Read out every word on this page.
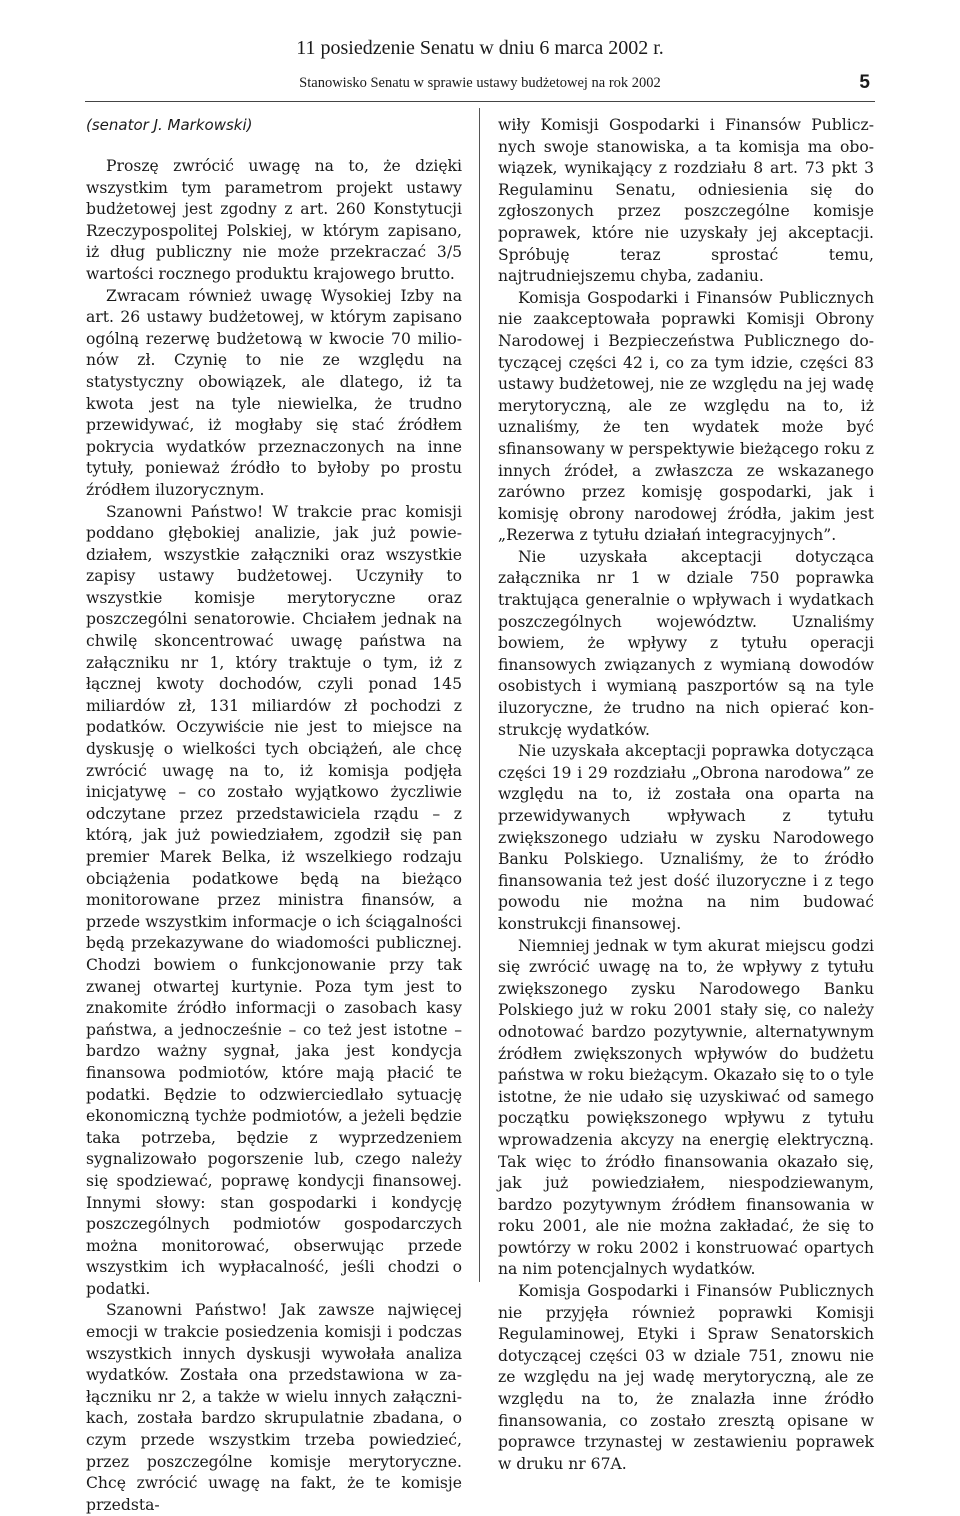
11 posiedzenie Senatu w dniu 6 marca 2002 r.
Stanowisko Senatu w sprawie ustawy budżetowej na rok 2002	5

(senator J. Markowski)

Proszę zwrócić uwagę na to, że dzięki wszystkim tym parametrom projekt ustawy budżetowej jest zgodny z art. 260 Konstytucji Rzeczypospolitej Polskiej, w którym zapisano, iż dług publiczny nie może przekraczać 3/5 wartości rocznego produktu krajowego brutto.

Zwracam również uwagę Wysokiej Izby na art. 26 ustawy budżetowej, w którym zapisano ogólną rezerwę budżetową w kwocie 70 milionów zł. Czynię to nie ze względu na statystyczny obowiązek, ale dlatego, iż ta kwota jest na tyle niewielka, że trudno przewidywać, iż mogłaby się stać źródłem pokrycia wydatków przeznaczonych na inne tytuły, ponieważ źródło to byłoby po prostu źródłem iluzorycznym.

Szanowni Państwo! W trakcie prac komisji poddano głębokiej analizie, jak już powiedziałem, wszystkie załączniki oraz wszystkie zapisy ustawy budżetowej. Uczyniły to wszystkie komisje merytoryczne oraz poszczególni senatorowie. Chciałem jednak na chwilę skoncentrować uwagę państwa na załączniku nr 1, który traktuje o tym, iż z łącznej kwoty dochodów, czyli ponad 145 miliardów zł, 131 miliardów zł pochodzi z podatków. Oczywiście nie jest to miejsce na dyskusję o wielkości tych obciążeń, ale chcę zwrócić uwagę na to, iż komisja podjęła inicjatywę – co zostało wyjątkowo życzliwie odczytane przez przedstawiciela rządu – z którą, jak już powiedziałem, zgodził się pan premier Marek Belka, iż wszelkiego rodzaju obciążenia podatkowe będą na bieżąco monitorowane przez ministra finansów, a przede wszystkim informacje o ich ściągalności będą przekazywane do wiadomości publicznej. Chodzi bowiem o funkcjonowanie przy tak zwanej otwartej kurtynie. Poza tym jest to znakomite źródło informacji o zasobach kasy państwa, a jednocześnie – co też jest istotne – bardzo ważny sygnał, jaka jest kondycja finansowa podmiotów, które mają płacić te podatki. Będzie to odzwierciedlało sytuację ekonomiczną tychże podmiotów, a jeżeli będzie taka potrzeba, będzie z wyprzedzeniem sygnalizowało pogorszenie lub, czego należy się spodziewać, poprawę kondycji finansowej. Innymi słowy: stan gospodarki i kondycję poszczególnych podmiotów gospodarczych można monitorować, obserwując przede wszystkim ich wypłacalność, jeśli chodzi o podatki.

Szanowni Państwo! Jak zawsze najwięcej emocji w trakcie posiedzenia komisji i podczas wszystkich innych dyskusji wywołała analiza wydatków. Została ona przedstawiona w załączniku nr 2, a także w wielu innych załącznikach, została bardzo skrupulatnie zbadana, o czym przede wszystkim trzeba powiedzieć, przez poszczególne komisje merytoryczne. Chcę zwrócić uwagę na fakt, że te komisje przedsta-

wiły Komisji Gospodarki i Finansów Publicznych swoje stanowiska, a ta komisja ma obowiązek, wynikający z rozdziału 8 art. 73 pkt 3 Regulaminu Senatu, odniesienia się do zgłoszonych przez poszczególne komisje poprawek, które nie uzyskały jej akceptacji. Spróbuję teraz sprostać temu, najtrudniejszemu chyba, zadaniu.

Komisja Gospodarki i Finansów Publicznych nie zaakceptowała poprawki Komisji Obrony Narodowej i Bezpieczeństwa Publicznego dotyczącej części 42 i, co za tym idzie, części 83 ustawy budżetowej, nie ze względu na jej wadę merytoryczną, ale ze względu na to, iż uznaliśmy, że ten wydatek może być sfinansowany w perspektywie bieżącego roku z innych źródeł, a zwłaszcza ze wskazanego zarówno przez komisję gospodarki, jak i komisję obrony narodowej źródła, jakim jest „Rezerwa z tytułu działań integracyjnych”.

Nie uzyskała akceptacji dotycząca załącznika nr 1 w dziale 750 poprawka traktująca generalnie o wpływach i wydatkach poszczególnych województw. Uznaliśmy bowiem, że wpływy z tytułu operacji finansowych związanych z wymianą dowodów osobistych i wymianą paszportów są na tyle iluzoryczne, że trudno na nich opierać konstrukcję wydatków.

Nie uzyskała akceptacji poprawka dotycząca części 19 i 29 rozdziału „Obrona narodowa” ze względu na to, iż została ona oparta na przewidywanych wpływach z tytułu zwiększonego udziału w zysku Narodowego Banku Polskiego. Uznaliśmy, że to źródło finansowania też jest dość iluzoryczne i z tego powodu nie można na nim budować konstrukcji finansowej.

Niemniej jednak w tym akurat miejscu godzi się zwrócić uwagę na to, że wpływy z tytułu zwiększonego zysku Narodowego Banku Polskiego już w roku 2001 stały się, co należy odnotować bardzo pozytywnie, alternatywnym źródłem zwiększonych wpływów do budżetu państwa w roku bieżącym. Okazało się to o tyle istotne, że nie udało się uzyskiwać od samego początku powiększonego wpływu z tytułu wprowadzenia akcyzy na energię elektryczną. Tak więc to źródło finansowania okazało się, jak już powiedziałem, niespodziewanym, bardzo pozytywnym źródłem finansowania w roku 2001, ale nie można zakładać, że się to powtórzy w roku 2002 i konstruować opartych na nim potencjalnych wydatków.

Komisja Gospodarki i Finansów Publicznych nie przyjęła również poprawki Komisji Regulaminowej, Etyki i Spraw Senatorskich dotyczącej części 03 w dziale 751, znowu nie ze względu na jej wadę merytoryczną, ale ze względu na to, że znalazła inne źródło finansowania, co zostało zresztą opisane w poprawce trzynastej w zestawieniu poprawek w druku nr 67A.
